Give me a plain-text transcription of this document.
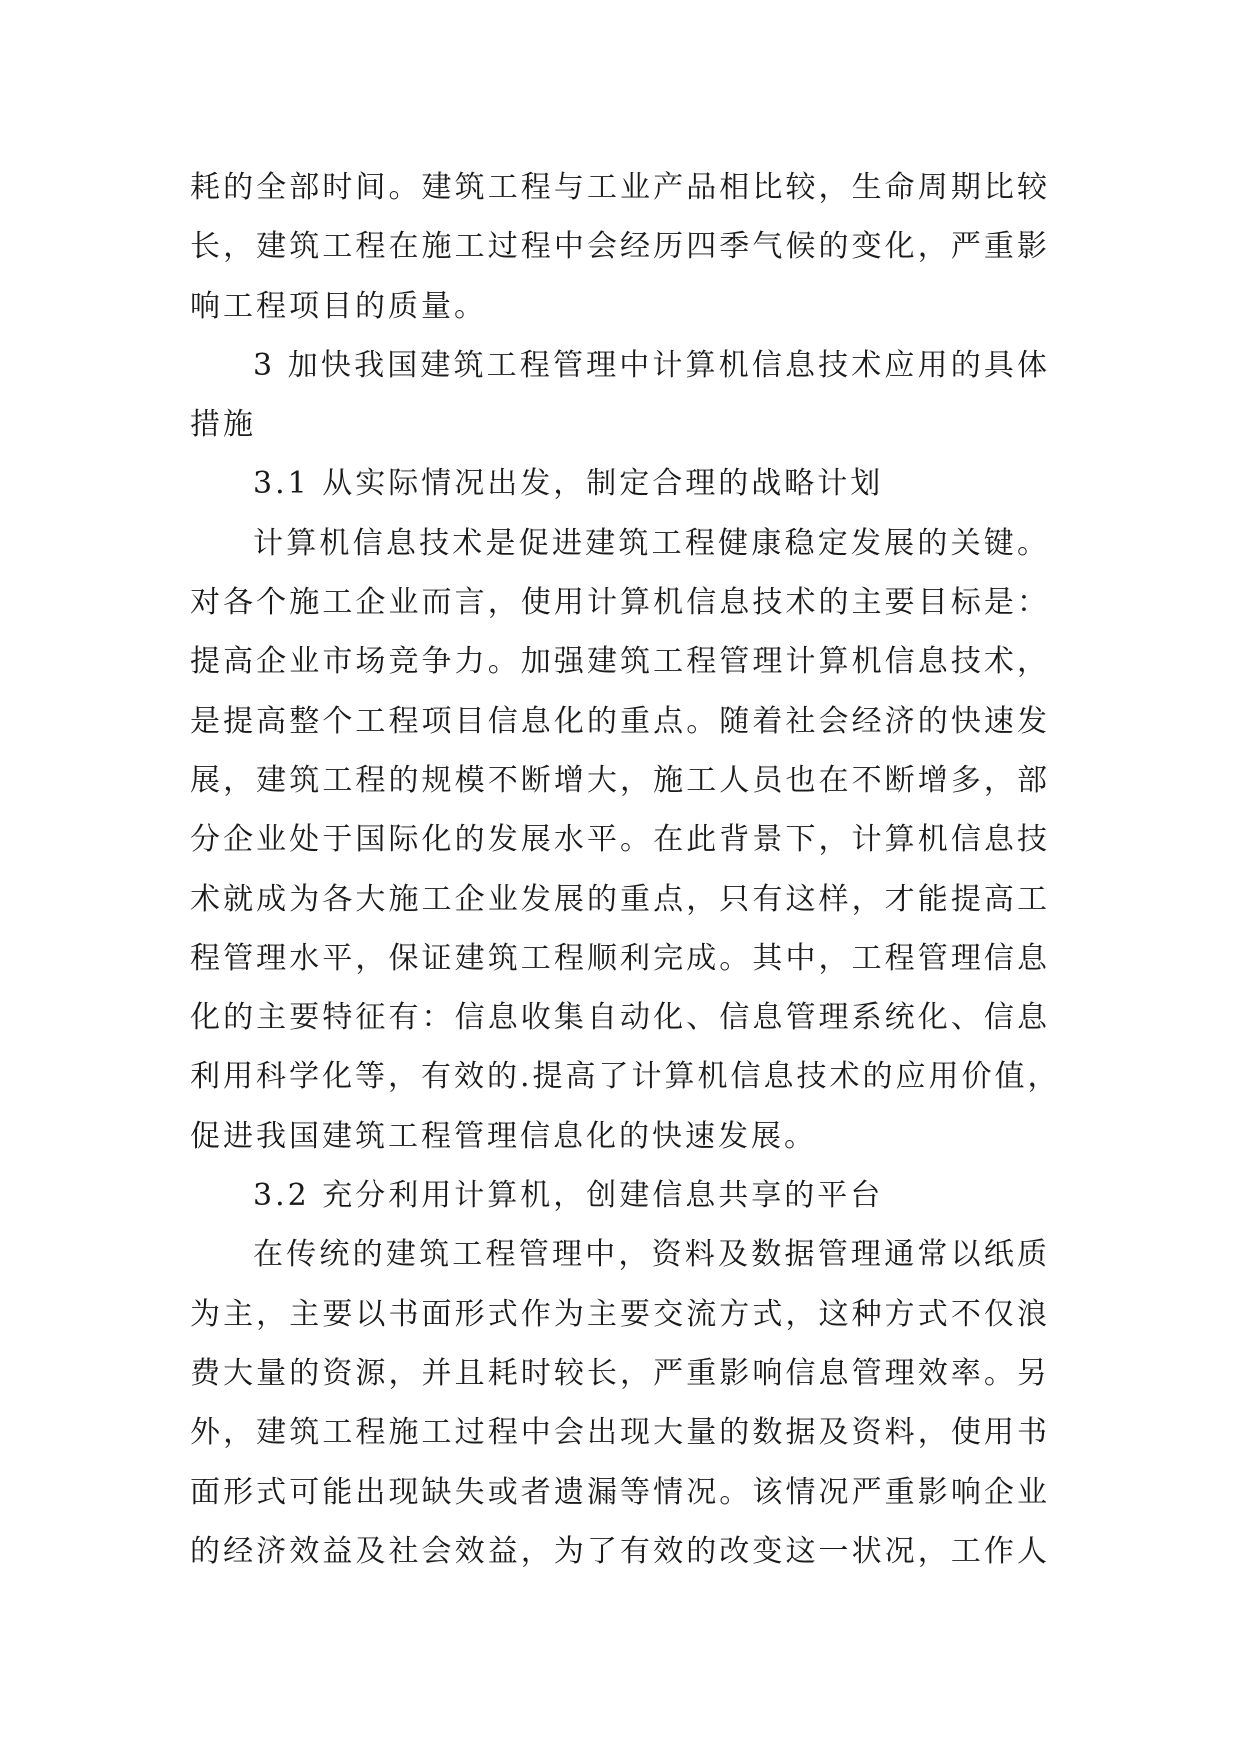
耗的全部时间。建筑工程与工业产品相比较，生命周期比较
长，建筑工程在施工过程中会经历四季气候的变化，严重影
响工程项目的质量。
3 加快我国建筑工程管理中计算机信息技术应用的具体
措施
3.1 从实际情况出发，制定合理的战略计划
计算机信息技术是促进建筑工程健康稳定发展的关键。
对各个施工企业而言，使用计算机信息技术的主要目标是：
提高企业市场竞争力。加强建筑工程管理计算机信息技术，
是提高整个工程项目信息化的重点。随着社会经济的快速发
展，建筑工程的规模不断增大，施工人员也在不断增多，部
分企业处于国际化的发展水平。在此背景下，计算机信息技
术就成为各大施工企业发展的重点，只有这样，才能提高工
程管理水平，保证建筑工程顺利完成。其中，工程管理信息
化的主要特征有：信息收集自动化、信息管理系统化、信息
利用科学化等，有效的.提高了计算机信息技术的应用价值，
促进我国建筑工程管理信息化的快速发展。
3.2 充分利用计算机，创建信息共享的平台
在传统的建筑工程管理中，资料及数据管理通常以纸质
为主，主要以书面形式作为主要交流方式，这种方式不仅浪
费大量的资源，并且耗时较长，严重影响信息管理效率。另
外，建筑工程施工过程中会出现大量的数据及资料，使用书
面形式可能出现缺失或者遗漏等情况。该情况严重影响企业
的经济效益及社会效益，为了有效的改变这一状况，工作人
